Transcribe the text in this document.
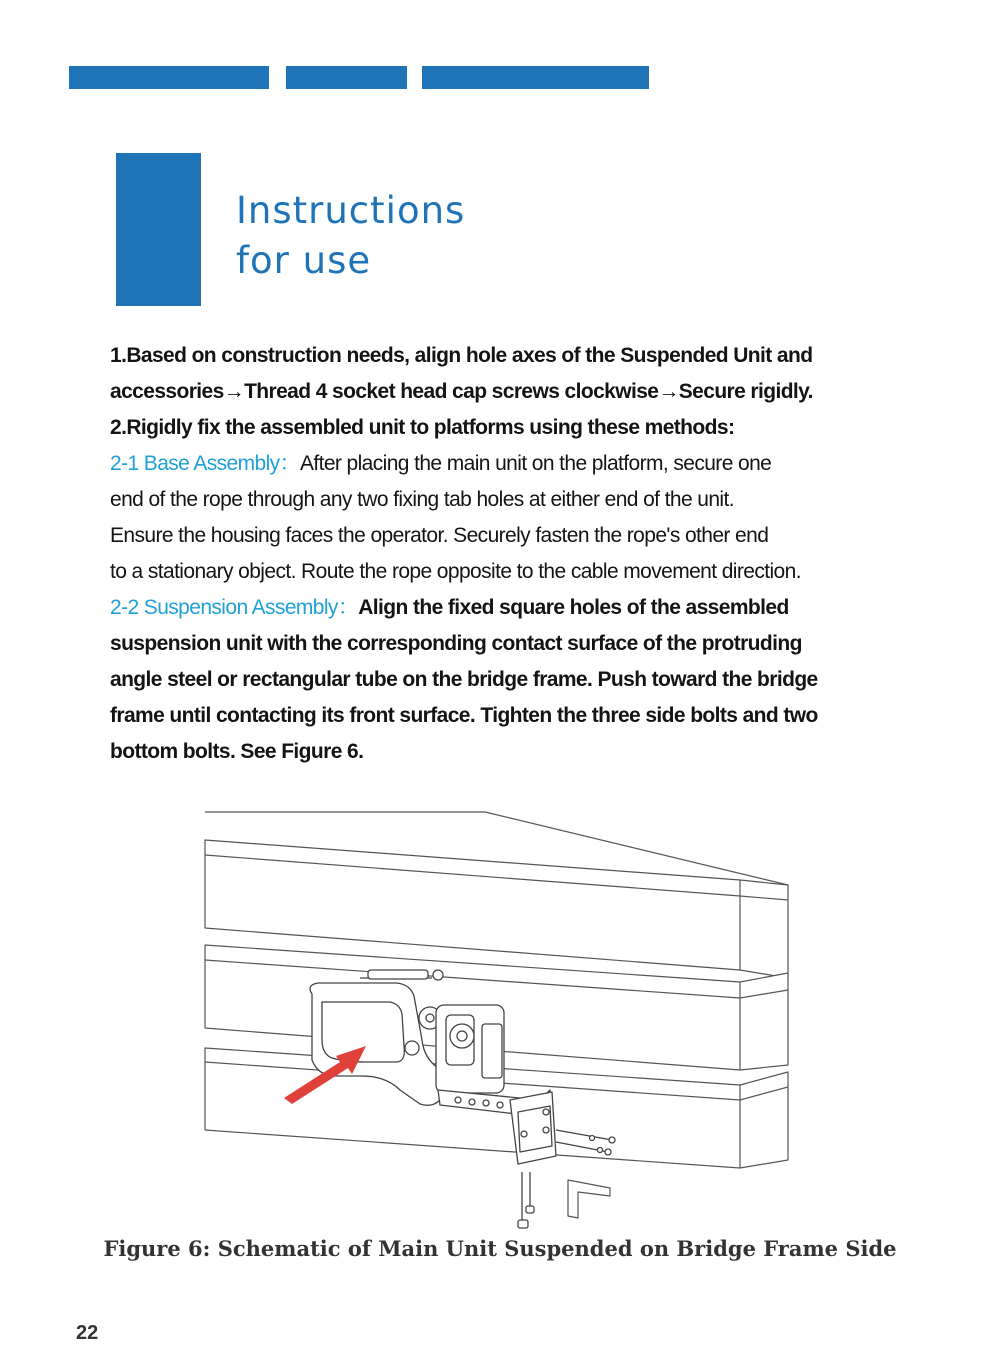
Instructions
for use
1.Based on construction needs, align hole axes of the Suspended Unit and
accessories→Thread 4 socket head cap screws clockwise→Secure rigidly.
2.Rigidly fix the assembled unit to platforms using these methods:
2-1 Base Assembly：After placing the main unit on the platform, secure one
end of the rope through any two fixing tab holes at either end of the unit.
Ensure the housing faces the operator. Securely fasten the rope's other end
to a stationary object. Route the rope opposite to the cable movement direction.
2-2 Suspension Assembly：Align the fixed square holes of the assembled
suspension unit with the corresponding contact surface of the protruding
angle steel or rectangular tube on the bridge frame. Push toward the bridge
frame until contacting its front surface. Tighten the three side bolts and two
bottom bolts. See Figure 6.
Figure 6: Schematic of Main Unit Suspended on Bridge Frame Side
22
